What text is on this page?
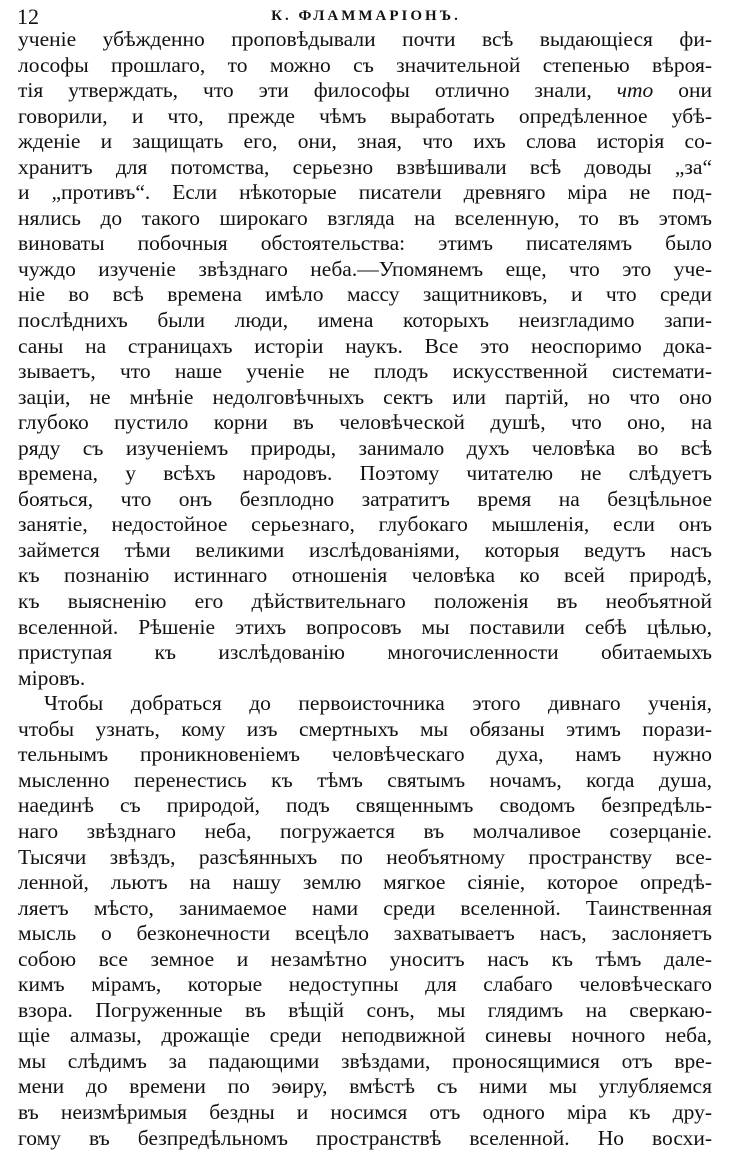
12	К. ФЛАММАРІОНЪ.
ученіе убѣжденно проповѣдывали почти всѣ выдающіеся фи-
лософы прошлаго, то можно съ значительной степенью вѣроя-
тія утверждать, что эти философы отлично знали, что они
говорили, и что, прежде чѣмъ выработать опредѣленное убѣ-
жденіе и защищать его, они, зная, что ихъ слова исторія со-
хранитъ для потомства, серьезно взвѣшивали всѣ доводы „за“
и „противъ“. Если нѣкоторые писатели древняго міра не под-
нялись до такого широкаго взгляда на вселенную, то въ этомъ
виноваты побочныя обстоятельства: этимъ писателямъ было
чуждо изученіе звѣзднаго неба.—Упомянемъ еще, что это уче-
ніе во всѣ времена имѣло массу защитниковъ, и что среди
послѣднихъ были люди, имена которыхъ неизгладимо запи-
саны на страницахъ исторіи наукъ. Все это неоспоримо дока-
зываетъ, что наше ученіе не плодъ искусственной системати-
заціи, не мнѣніе недолговѣчныхъ сектъ или партій, но что оно
глубоко пустило корни въ человѣческой душѣ, что оно, на
ряду съ изученіемъ природы, занимало духъ человѣка во всѣ
времена, у всѣхъ народовъ. Поэтому читателю не слѣдуетъ
бояться, что онъ безплодно затратитъ время на безцѣльное
занятіе, недостойное серьезнаго, глубокаго мышленія, если онъ
займется тѣми великими изслѣдованіями, которыя ведутъ насъ
къ познанію истиннаго отношенія человѣка ко всей природѣ,
къ выясненію его дѣйствительнаго положенія въ необъятной
вселенной. Рѣшеніе этихъ вопросовъ мы поставили себѣ цѣлью,
приступая къ изслѣдованію многочисленности обитаемыхъ
міровъ.
Чтобы добраться до первоисточника этого дивнаго ученія,
чтобы узнать, кому изъ смертныхъ мы обязаны этимъ порази-
тельнымъ проникновеніемъ человѣческаго духа, намъ нужно
мысленно перенестись къ тѣмъ святымъ ночамъ, когда душа,
наединѣ съ природой, подъ священнымъ сводомъ безпредѣль-
наго звѣзднаго неба, погружается въ молчаливое созерцаніе.
Тысячи звѣздъ, разсѣянныхъ по необъятному пространству все-
ленной, льютъ на нашу землю мягкое сіяніе, которое опредѣ-
ляетъ мѣсто, занимаемое нами среди вселенной. Таинственная
мысль о безконечности всецѣло захватываетъ насъ, заслоняетъ
собою все земное и незамѣтно уноситъ насъ къ тѣмъ дале-
кимъ мірамъ, которые недоступны для слабаго человѣческаго
взора. Погруженные въ вѣщій сонъ, мы глядимъ на сверкаю-
щіе алмазы, дрожащіе среди неподвижной синевы ночного неба,
мы слѣдимъ за падающими звѣздами, проносящимися отъ вре-
мени до времени по эѳиру, вмѣстѣ съ ними мы углубляемся
въ неизмѣримыя бездны и носимся отъ одного міра къ дру-
гому въ безпредѣльномъ пространствѣ вселенной. Но восхи-
